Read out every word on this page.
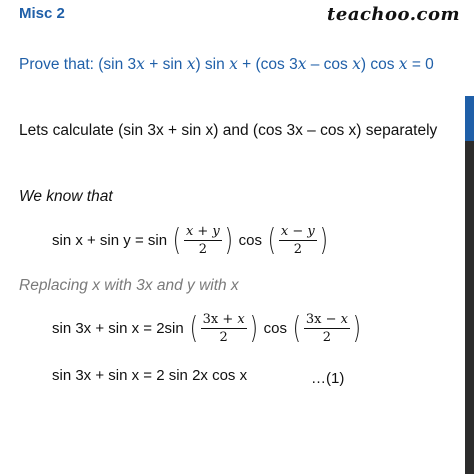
Misc 2	teachoo.com
Prove that: (sin 3x + sin x) sin x + (cos 3x – cos x) cos x = 0
Lets calculate (sin 3x + sin x) and (cos 3x – cos x) separately
We know that
sin x + sin y = sin ( $\frac{x + y}{2}$ ) cos ( $\frac{x - y}{2}$ )
Replacing x with 3x and y with x
sin 3x + sin x = 2sin ( $\frac{3x + x}{2}$ ) cos ( $\frac{3x - x}{2}$ )
sin 3x + sin x = 2 sin 2x cos x	…(1)
